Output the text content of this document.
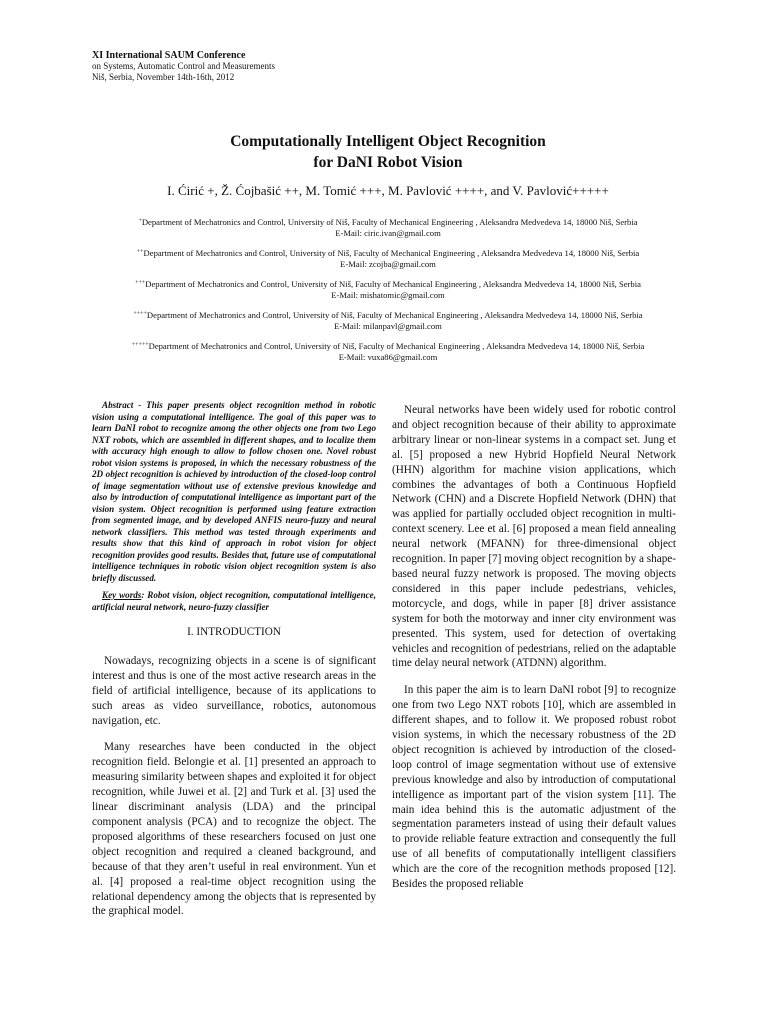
XI International SAUM Conference
on Systems, Automatic Control and Measurements
Niš, Serbia, November 14th-16th, 2012
Computationally Intelligent Object Recognition
for DaNI Robot Vision
I. Ćirić +, Ž. Ćojbašić ++, M. Tomić +++, M. Pavlović ++++, and V. Pavlović+++++
+Department of Mechatronics and Control, University of Niš, Faculty of Mechanical Engineering , Aleksandra Medvedeva 14, 18000 Niš, Serbia
E-Mail: ciric.ivan@gmail.com
++Department of Mechatronics and Control, University of Niš, Faculty of Mechanical Engineering , Aleksandra Medvedeva 14, 18000 Niš, Serbia
E-Mail: zcojba@gmail.com
+++Department of Mechatronics and Control, University of Niš, Faculty of Mechanical Engineering , Aleksandra Medvedeva 14, 18000 Niš, Serbia
E-Mail: mishatomic@gmail.com
++++Department of Mechatronics and Control, University of Niš, Faculty of Mechanical Engineering , Aleksandra Medvedeva 14, 18000 Niš, Serbia
E-Mail: milanpavl@gmail.com
+++++Department of Mechatronics and Control, University of Niš, Faculty of Mechanical Engineering , Aleksandra Medvedeva 14, 18000 Niš, Serbia
E-Mail: vuxa86@gmail.com

Abstract - This paper presents object recognition method in robotic vision using a computational intelligence. The goal of this paper was to learn DaNI robot to recognize among the other objects one from two Lego NXT robots, which are assembled in different shapes, and to localize them with accuracy high enough to allow to follow chosen one. Novel robust robot vision systems is proposed, in which the necessary robustness of the 2D object recognition is achieved by introduction of the closed-loop control of image segmentation without use of extensive previous knowledge and also by introduction of computational intelligence as important part of the vision system. Object recognition is performed using feature extraction from segmented image, and by developed ANFIS neuro-fuzzy and neural network classifiers. This method was tested through experiments and results show that this kind of approach in robot vision for object recognition provides good results. Besides that, future use of computational intelligence techniques in robotic vision object recognition system is also briefly discussed.

Key words: Robot vision, object recognition, computational intelligence, artificial neural network, neuro-fuzzy classifier

I. INTRODUCTION

Nowadays, recognizing objects in a scene is of significant interest and thus is one of the most active research areas in the field of artificial intelligence, because of its applications to such areas as video surveillance, robotics, autonomous navigation, etc.

Many researches have been conducted in the object recognition field. Belongie et al. [1] presented an approach to measuring similarity between shapes and exploited it for object recognition, while Juwei et al. [2] and Turk et al. [3] used the linear discriminant analysis (LDA) and the principal component analysis (PCA) and to recognize the object. The proposed algorithms of these researchers focused on just one object recognition and required a cleaned background, and because of that they aren’t useful in real environment. Yun et al. [4] proposed a real-time object recognition using the relational dependency among the objects that is represented by the graphical model.

Neural networks have been widely used for robotic control and object recognition because of their ability to approximate arbitrary linear or non-linear systems in a compact set. Jung et al. [5] proposed a new Hybrid Hopfield Neural Network (HHN) algorithm for machine vision applications, which combines the advantages of both a Continuous Hopfield Network (CHN) and a Discrete Hopfield Network (DHN) that was applied for partially occluded object recognition in multi-context scenery. Lee et al. [6] proposed a mean field annealing neural network (MFANN) for three-dimensional object recognition. In paper [7] moving object recognition by a shape-based neural fuzzy network is proposed. The moving objects considered in this paper include pedestrians, vehicles, motorcycle, and dogs, while in paper [8] driver assistance system for both the motorway and inner city environment was presented. This system, used for detection of overtaking vehicles and recognition of pedestrians, relied on the adaptable time delay neural network (ATDNN) algorithm.

In this paper the aim is to learn DaNI robot [9] to recognize one from two Lego NXT robots [10], which are assembled in different shapes, and to follow it. We proposed robust robot vision systems, in which the necessary robustness of the 2D object recognition is achieved by introduction of the closed-loop control of image segmentation without use of extensive previous knowledge and also by introduction of computational intelligence as important part of the vision system [11]. The main idea behind this is the automatic adjustment of the segmentation parameters instead of using their default values to provide reliable feature extraction and consequently the full use of all benefits of computationally intelligent classifiers which are the core of the recognition methods proposed [12]. Besides the proposed reliable
